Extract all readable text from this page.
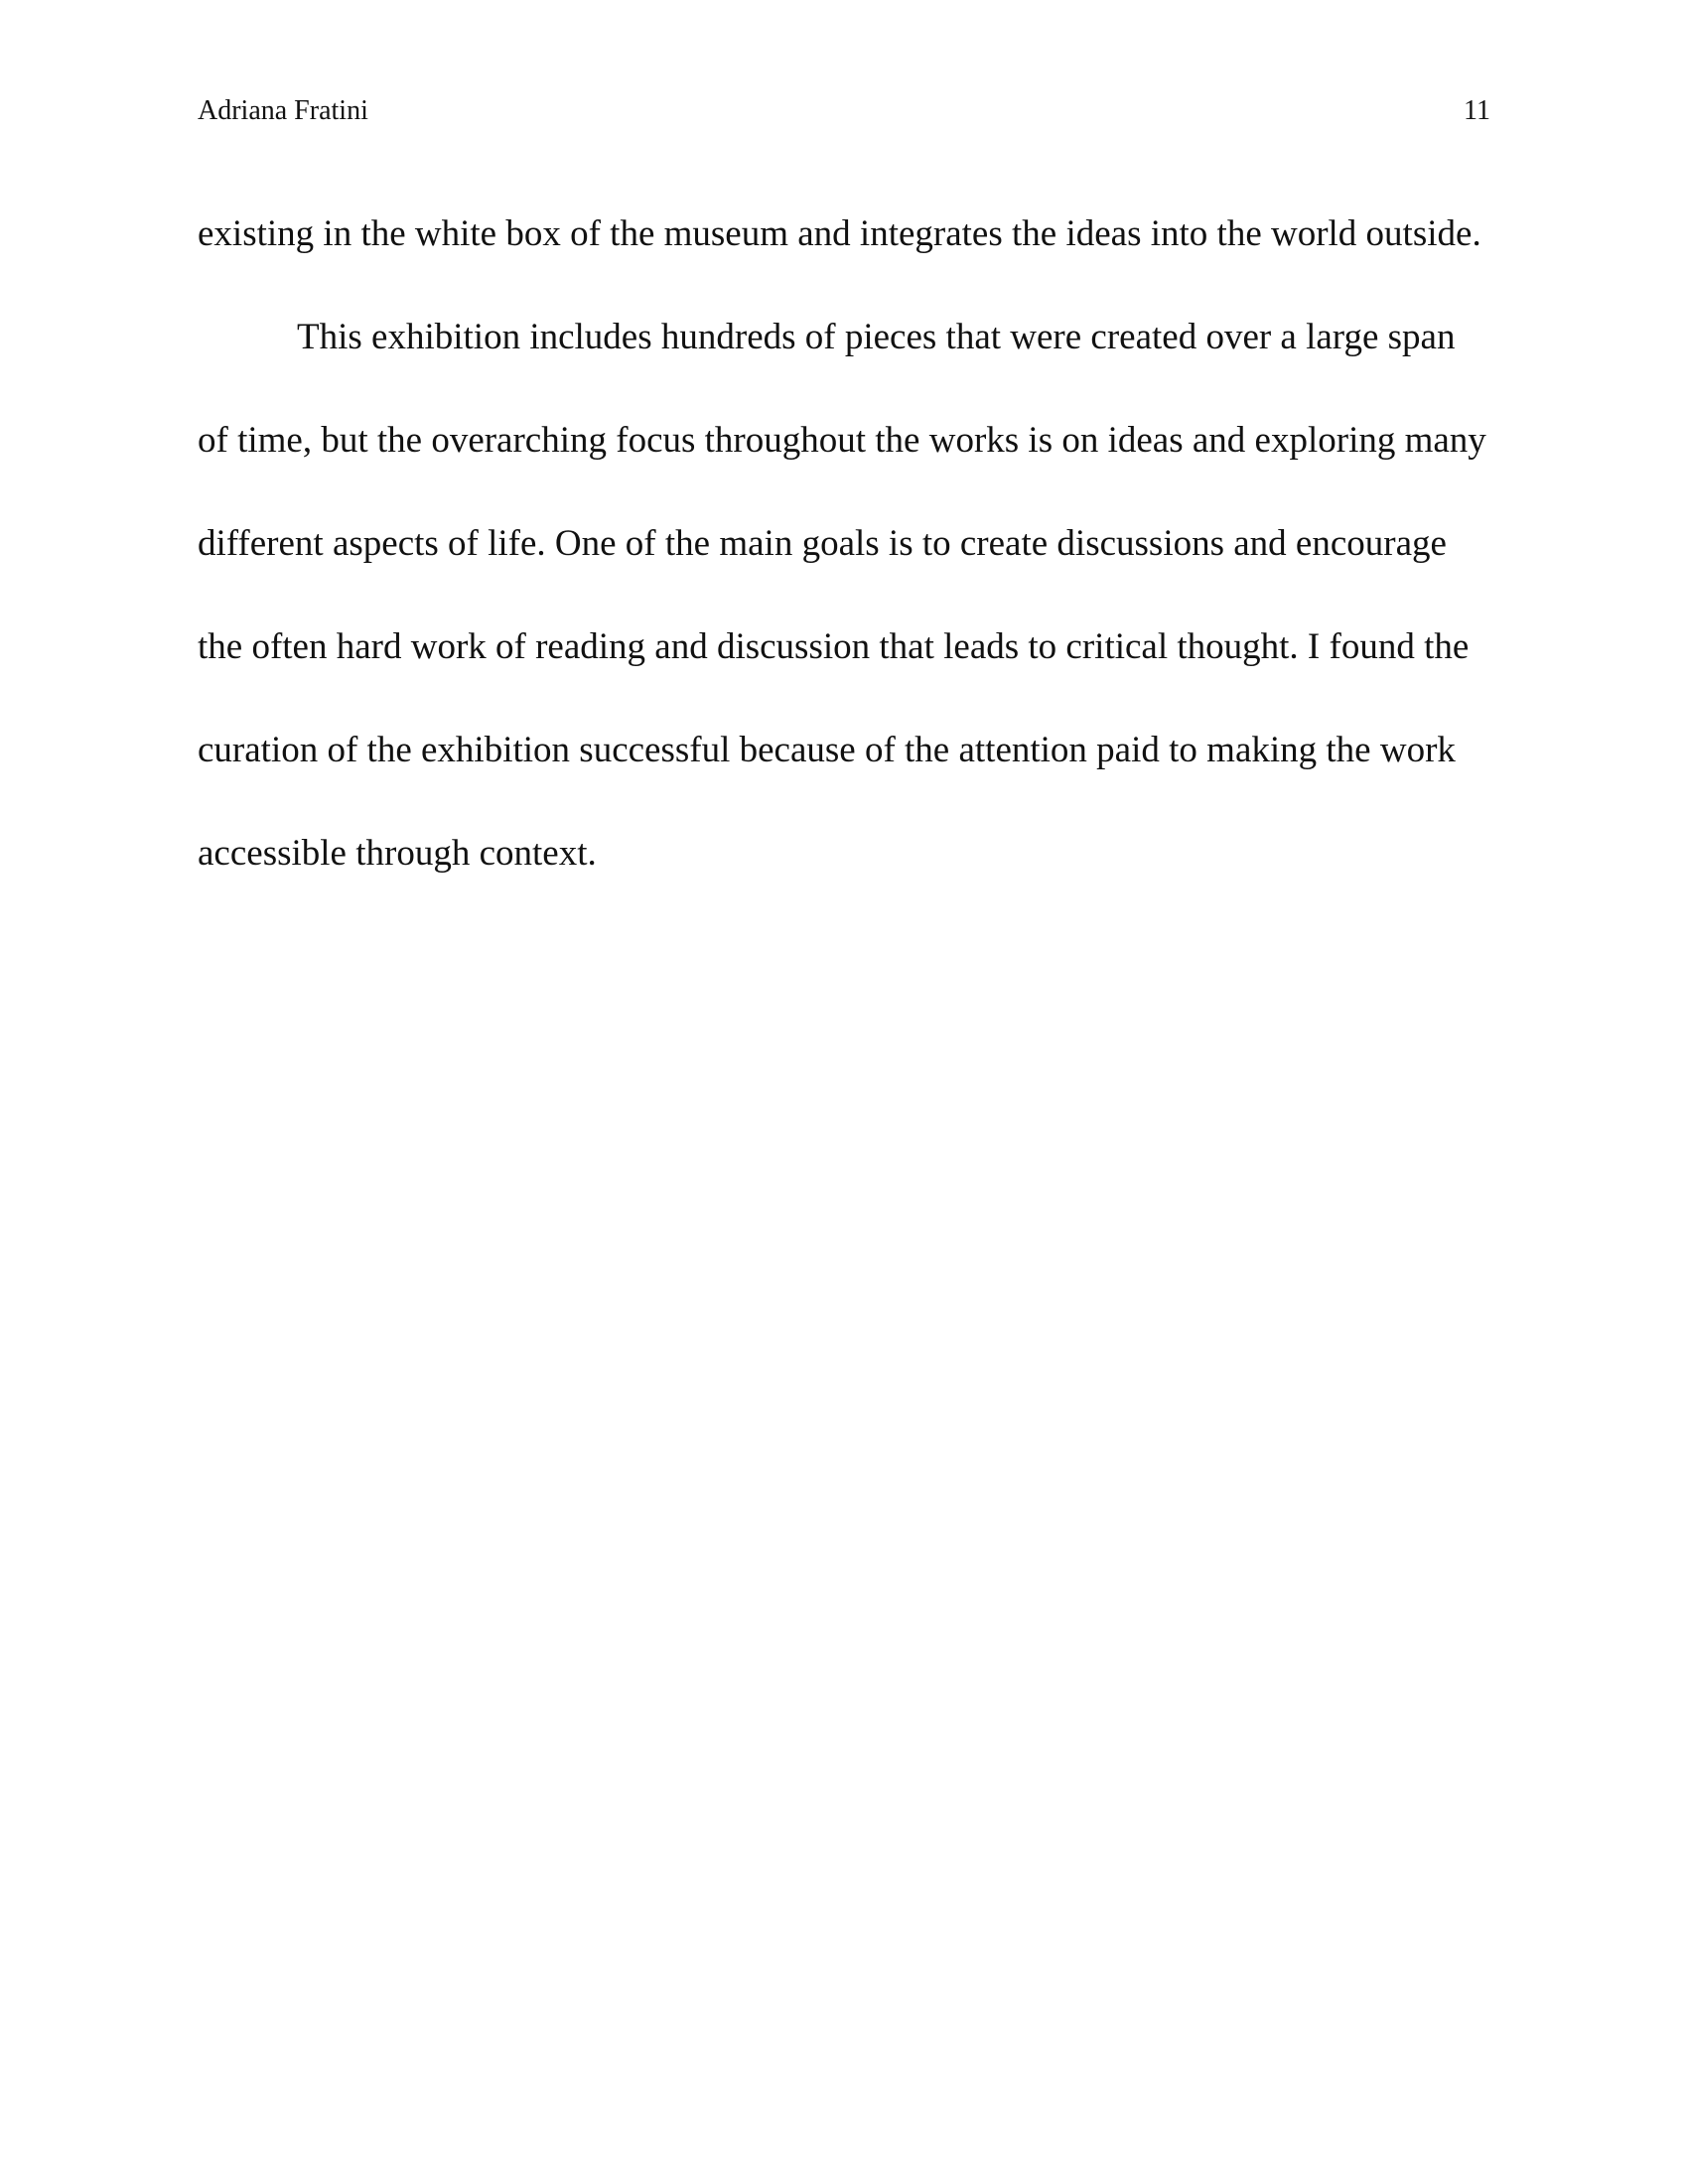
Adriana Fratini	11

existing in the white box of the museum and integrates the ideas into the world outside.

This exhibition includes hundreds of pieces that were created over a large span of time, but the overarching focus throughout the works is on ideas and exploring many different aspects of life. One of the main goals is to create discussions and encourage the often hard work of reading and discussion that leads to critical thought. I found the curation of the exhibition successful because of the attention paid to making the work accessible through context.
